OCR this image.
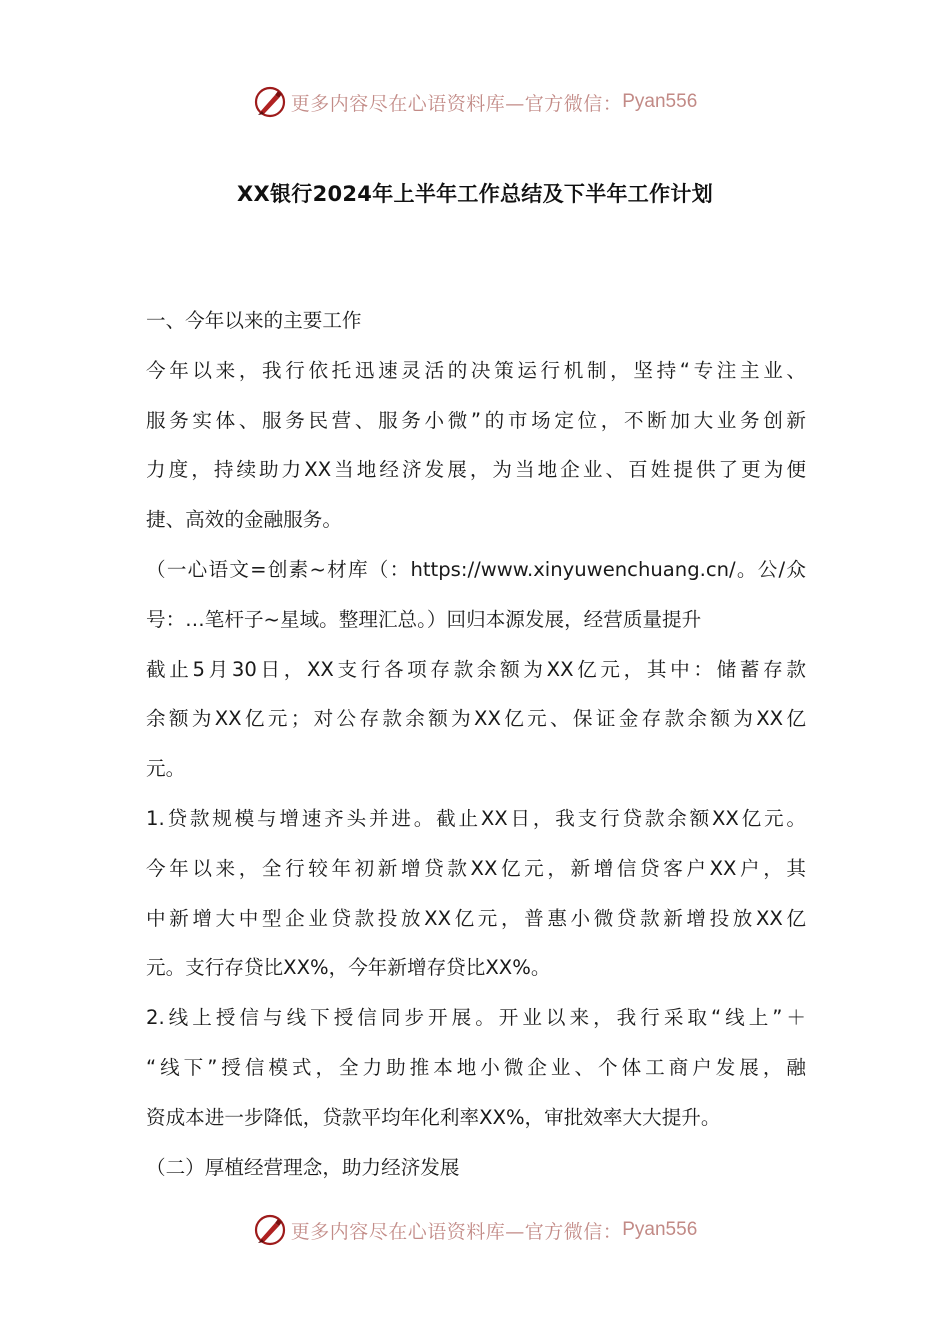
更多内容尽在心语资料库—官方微信： Pyan556
XX银行2024年上半年工作总结及下半年工作计划
一、今年以来的主要工作
今年以来，我行依托迅速灵活的决策运行机制，坚持“专注主业、
服务实体、服务民营、服务小微”的市场定位，不断加大业务创新
力度，持续助力XX当地经济发展，为当地企业、百姓提供了更为便
捷、高效的金融服务。
（一心语文=创素~材库（：https://www.xinyuwenchuang.cn/。公/众
号：…笔杆子~星域。整理汇总。）回归本源发展，经营质量提升
截止5月30日，XX支行各项存款余额为XX亿元，其中：储蓄存款
余额为XX亿元；对公存款余额为XX亿元、保证金存款余额为XX亿
元。
1.贷款规模与增速齐头并进。截止XX日，我支行贷款余额XX亿元。
今年以来，全行较年初新增贷款XX亿元，新增信贷客户XX户，其
中新增大中型企业贷款投放XX亿元，普惠小微贷款新增投放XX亿
元。支行存贷比XX%，今年新增存贷比XX%。
2.线上授信与线下授信同步开展。开业以来，我行采取“线上”＋
“线下”授信模式，全力助推本地小微企业、个体工商户发展，融
资成本进一步降低，贷款平均年化利率XX%，审批效率大大提升。
（二）厚植经营理念，助力经济发展
更多内容尽在心语资料库—官方微信： Pyan556
